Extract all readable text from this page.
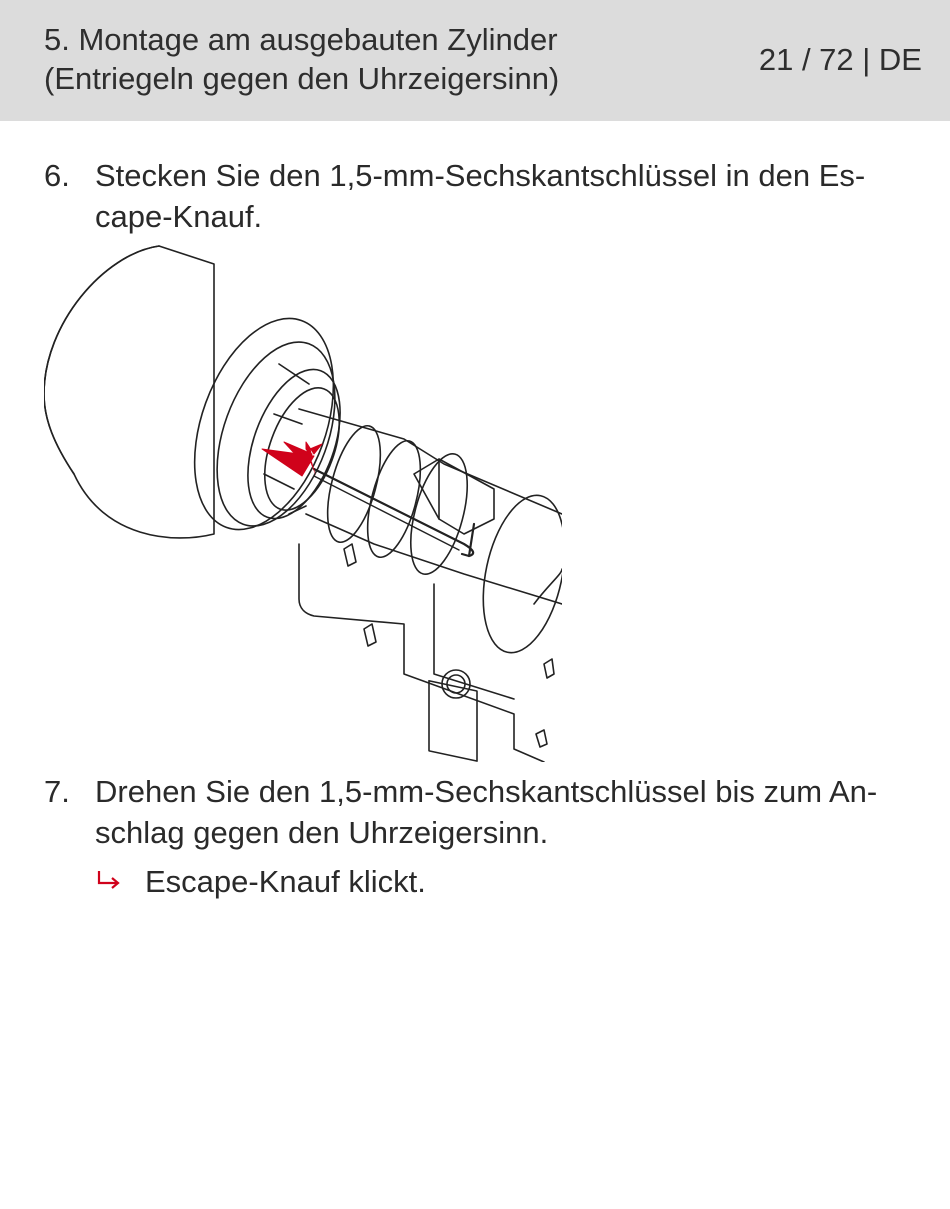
5. Montage am ausgebauten Zylinder
(Entriegeln gegen den Uhrzeigersinn)
21 / 72 | DE
6. Stecken Sie den 1,5-mm-Sechskantschlüssel in den Es-
cape-Knauf.
7. Drehen Sie den 1,5-mm-Sechskantschlüssel bis zum An-
schlag gegen den Uhrzeigersinn.
Escape-Knauf klickt.
